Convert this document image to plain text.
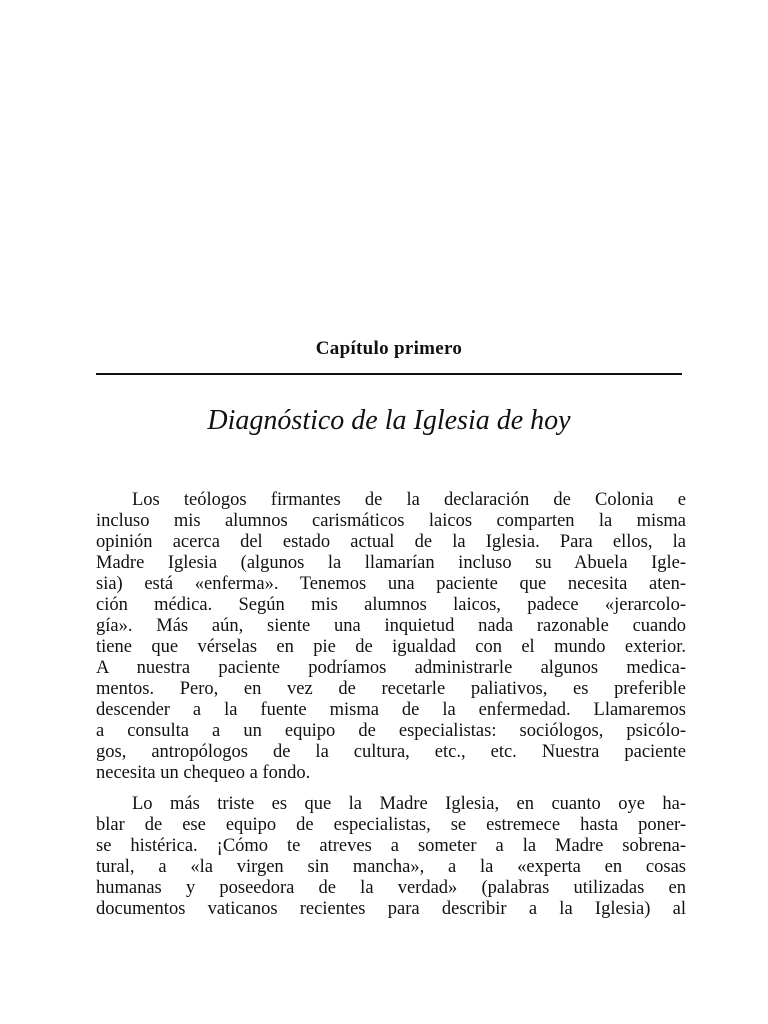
Capítulo primero
Diagnóstico de la Iglesia de hoy
Los teólogos firmantes de la declaración de Colonia e
incluso mis alumnos carismáticos laicos comparten la misma
opinión acerca del estado actual de la Iglesia. Para ellos, la
Madre Iglesia (algunos la llamarían incluso su Abuela Igle-
sia) está «enferma». Tenemos una paciente que necesita aten-
ción médica. Según mis alumnos laicos, padece «jerarcolo-
gía». Más aún, siente una inquietud nada razonable cuando
tiene que vérselas en pie de igualdad con el mundo exterior.
A nuestra paciente podríamos administrarle algunos medica-
mentos. Pero, en vez de recetarle paliativos, es preferible
descender a la fuente misma de la enfermedad. Llamaremos
a consulta a un equipo de especialistas: sociólogos, psicólo-
gos, antropólogos de la cultura, etc., etc. Nuestra paciente
necesita un chequeo a fondo.
Lo más triste es que la Madre Iglesia, en cuanto oye ha-
blar de ese equipo de especialistas, se estremece hasta poner-
se histérica. ¡Cómo te atreves a someter a la Madre sobrena-
tural, a «la virgen sin mancha», a la «experta en cosas
humanas y poseedora de la verdad» (palabras utilizadas en
documentos vaticanos recientes para describir a la Iglesia) al
